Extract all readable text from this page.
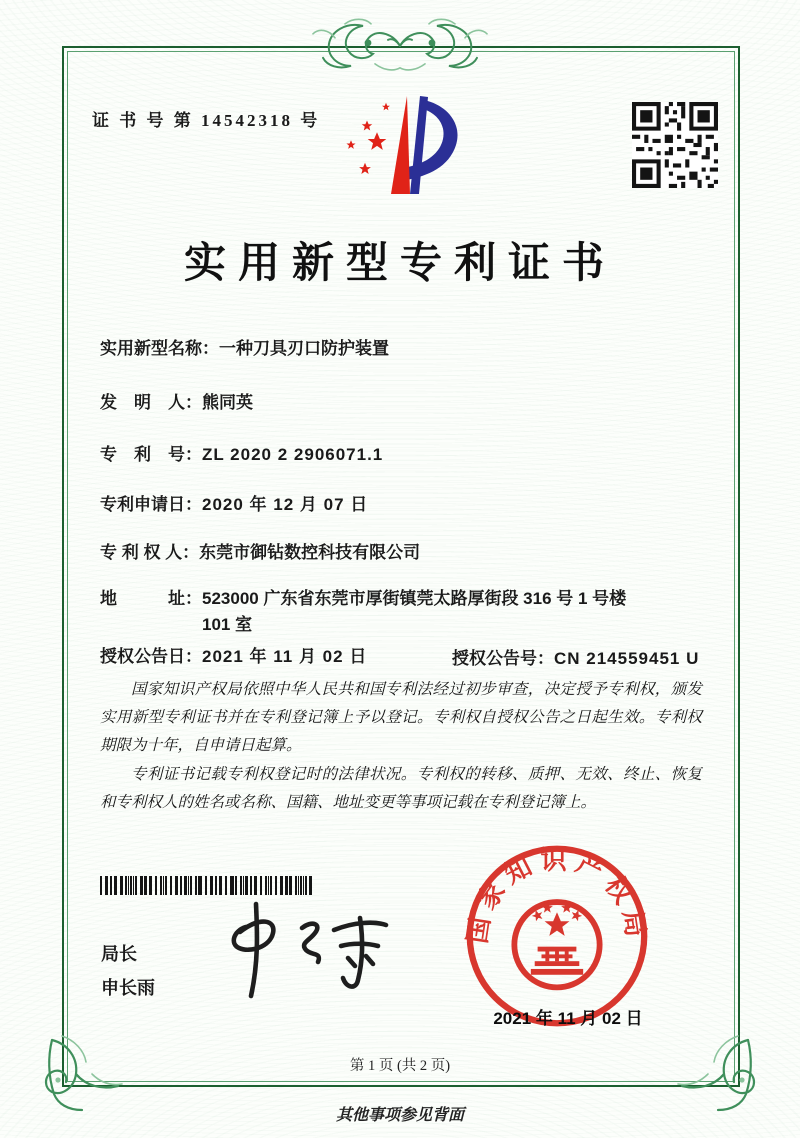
证 书 号 第 14542318 号
实用新型专利证书
实用新型名称：一种刀具刃口防护装置
发　明　人：熊同英
专　利　号：ZL 2020 2 2906071.1
专利申请日：2020 年 12 月 07 日
专 利 权 人：东莞市御钻数控科技有限公司
地　　　址：523000 广东省东莞市厚街镇莞太路厚街段 316 号 1 号楼 101 室
授权公告日：2021 年 11 月 02 日	授权公告号：CN 214559451 U

国家知识产权局依照中华人民共和国专利法经过初步审查，决定授予专利权，颁发实用新型专利证书并在专利登记簿上予以登记。专利权自授权公告之日起生效。专利权期限为十年，自申请日起算。

专利证书记载专利权登记时的法律状况。专利权的转移、质押、无效、终止、恢复和专利权人的姓名或名称、国籍、地址变更等事项记载在专利登记簿上。

局长
申长雨
国家知识产权局
2021 年 11 月 02 日
第 1 页 (共 2 页)
其他事项参见背面
